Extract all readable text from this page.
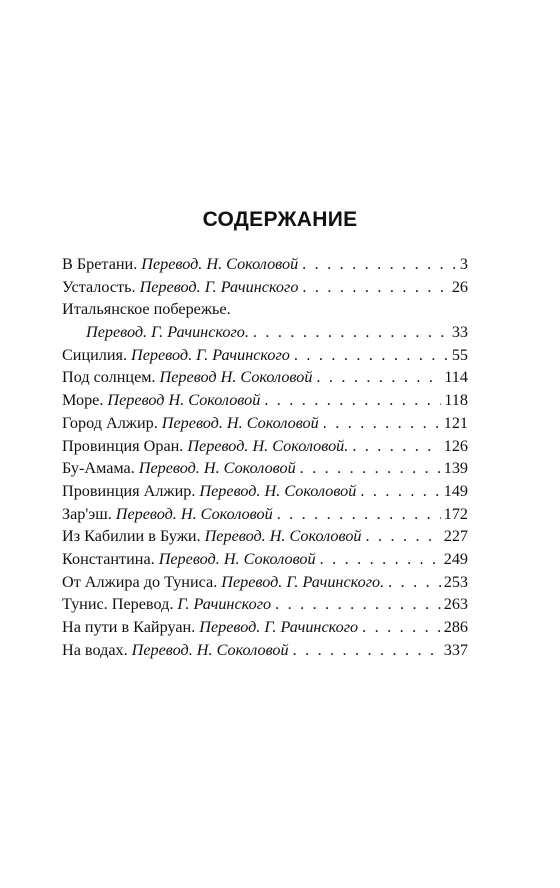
СОДЕРЖАНИЕ
В Бретани. Перевод. Н. Соколовой . . .	3
Усталость. Перевод. Г. Рачинского . . .	26
Итальянское побережье.
Перевод. Г. Рачинского. . . .	33
Сицилия. Перевод. Г. Рачинского . . .	55
Под солнцем. Перевод Н. Соколовой . . .	114
Море. Перевод Н. Соколовой . . .	118
Город Алжир. Перевод. Н. Соколовой . . .	121
Провинция Оран. Перевод. Н. Соколовой. . . .	126
Бу-Амама. Перевод. Н. Соколовой . . .	139
Провинция Алжир. Перевод. Н. Соколовой . . .	149
Зар'эш. Перевод. Н. Соколовой . . .	172
Из Кабилии в Бужи. Перевод. Н. Соколовой . . .	227
Константина. Перевод. Н. Соколовой . . .	249
От Алжира до Туниса. Перевод. Г. Рачинского. . . .	253
Тунис. Перевод. Г. Рачинского . . .	263
На пути в Кайруан. Перевод. Г. Рачинского . . .	286
На водах. Перевод. Н. Соколовой . . .	337
